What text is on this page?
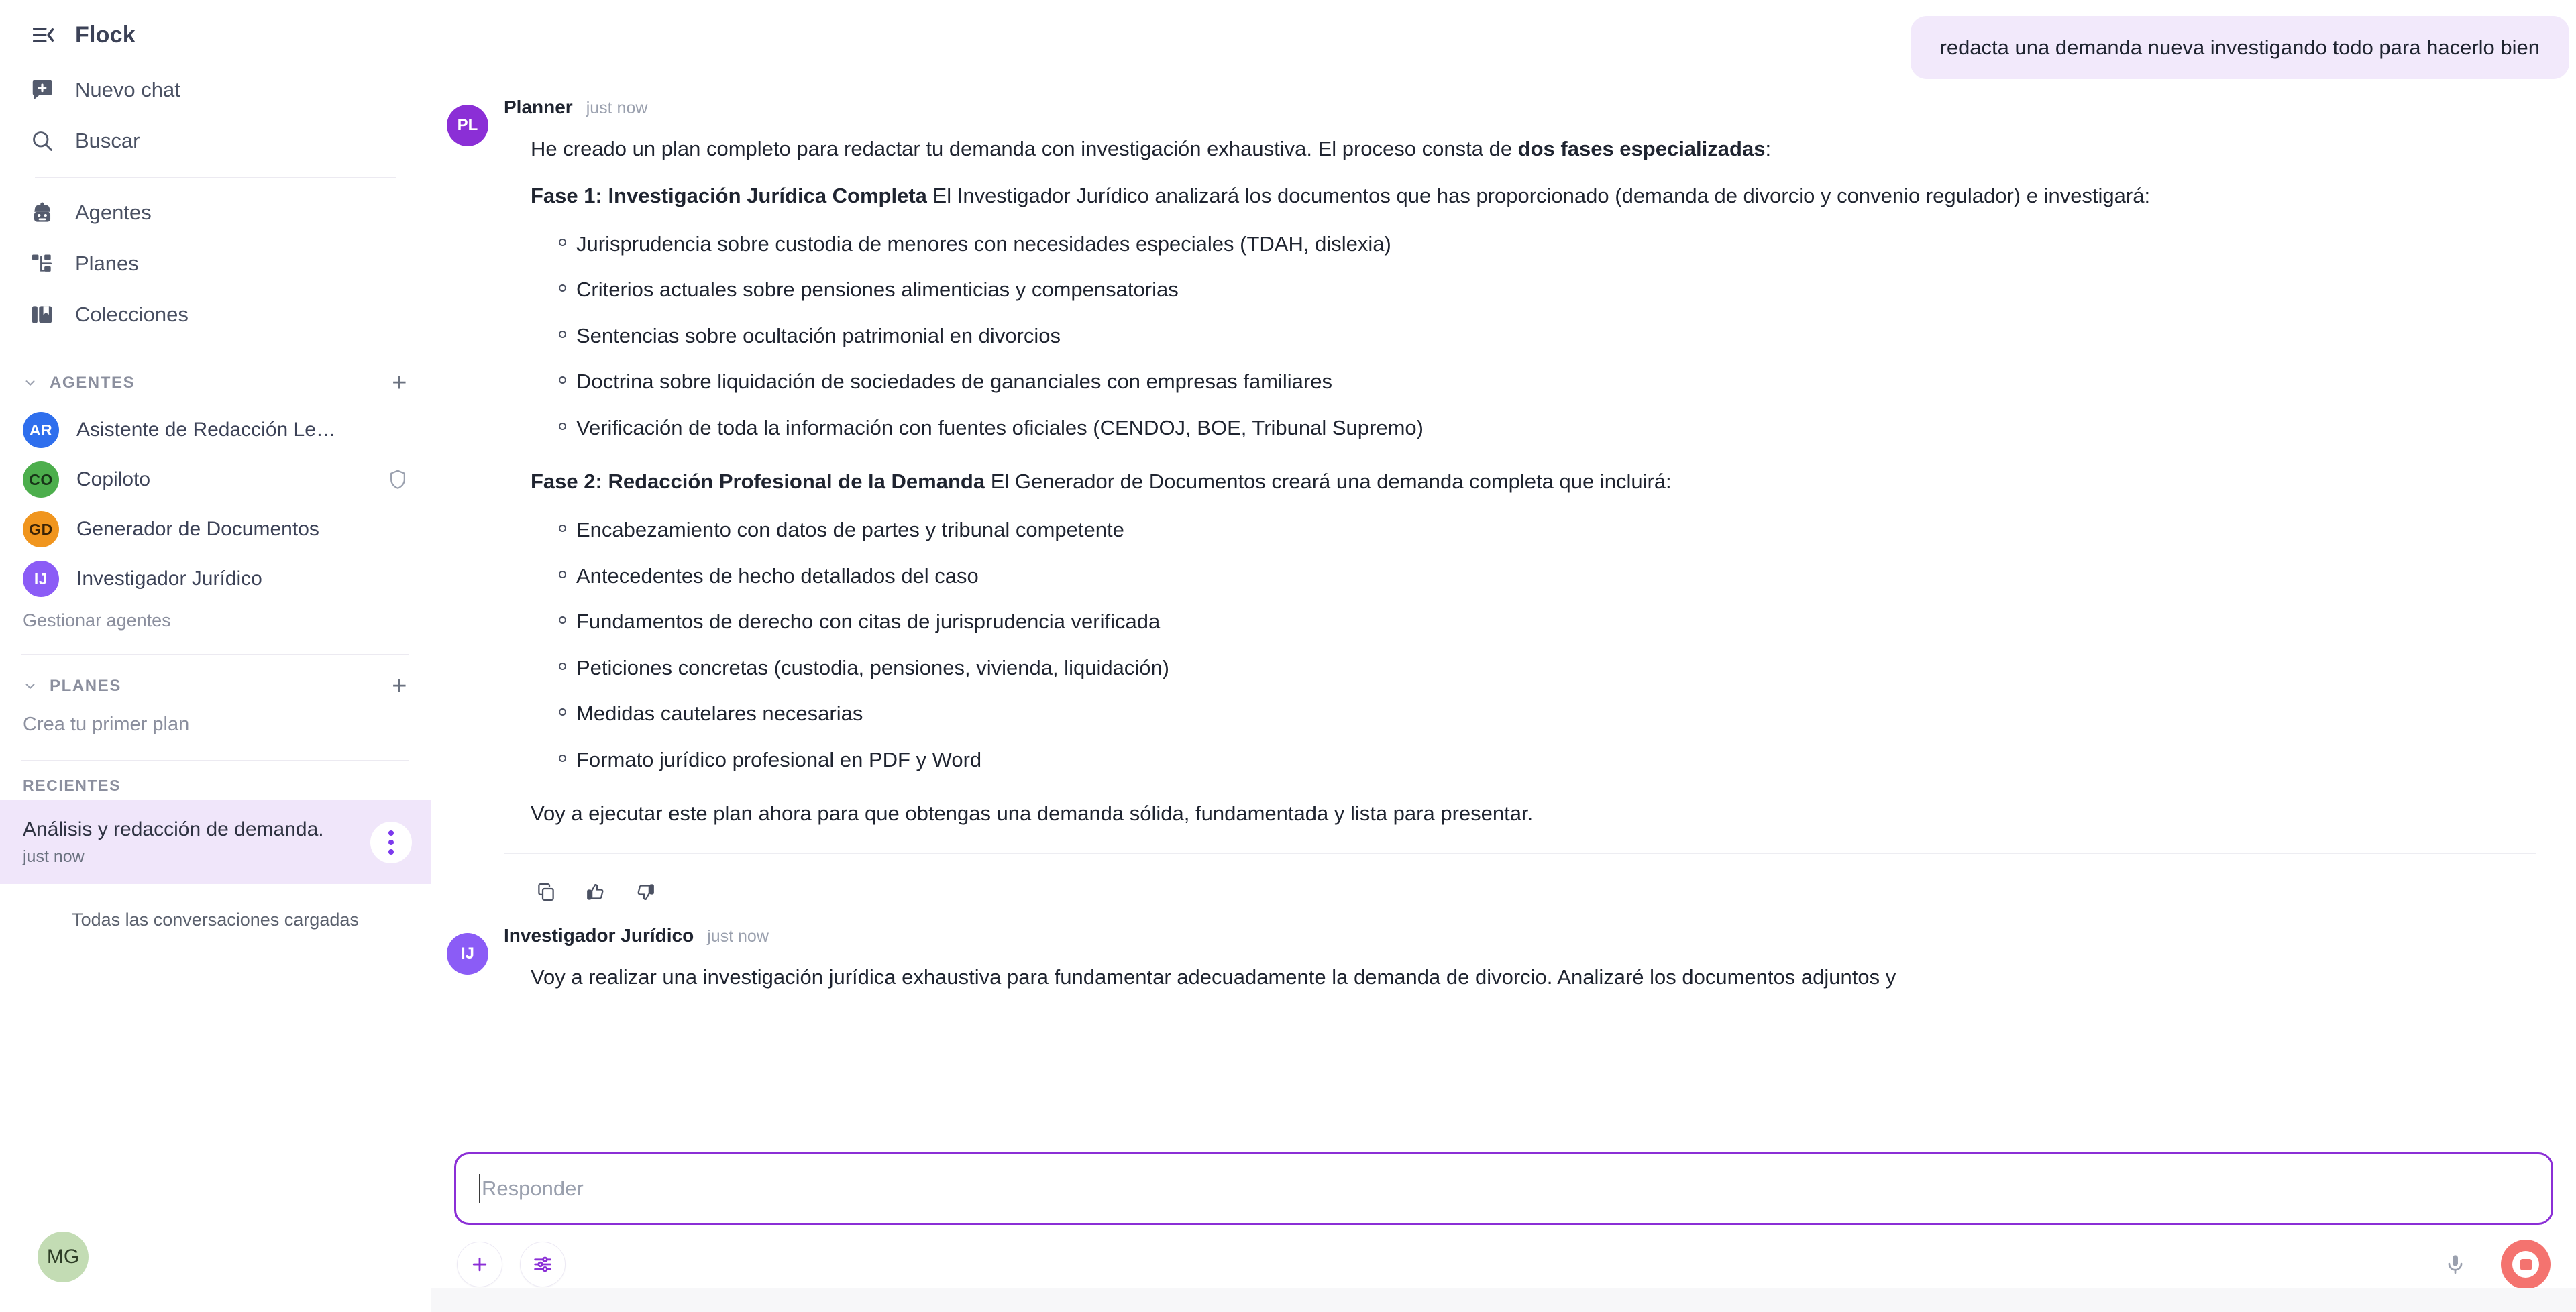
Flock
Nuevo chat
Buscar
Agentes
Planes
Colecciones
AGENTES	+
AR	Asistente de Redacción Le…
CO	Copiloto
GD	Generador de Documentos
IJ	Investigador Jurídico
Gestionar agentes
PLANES	+
Crea tu primer plan
RECIENTES
Análisis y redacción de demanda.
just now
Todas las conversaciones cargadas
MG
redacta una demanda nueva investigando todo para hacerlo bien
PL
Planner just now

He creado un plan completo para redactar tu demanda con investigación exhaustiva. El proceso consta de dos fases especializadas:

Fase 1: Investigación Jurídica Completa El Investigador Jurídico analizará los documentos que has proporcionado (demanda de divorcio y convenio regulador) e investigará:

Jurisprudencia sobre custodia de menores con necesidades especiales (TDAH, dislexia)
Criterios actuales sobre pensiones alimenticias y compensatorias
Sentencias sobre ocultación patrimonial en divorcios
Doctrina sobre liquidación de sociedades de gananciales con empresas familiares
Verificación de toda la información con fuentes oficiales (CENDOJ, BOE, Tribunal Supremo)

Fase 2: Redacción Profesional de la Demanda El Generador de Documentos creará una demanda completa que incluirá:

Encabezamiento con datos de partes y tribunal competente
Antecedentes de hecho detallados del caso
Fundamentos de derecho con citas de jurisprudencia verificada
Peticiones concretas (custodia, pensiones, vivienda, liquidación)
Medidas cautelares necesarias
Formato jurídico profesional en PDF y Word

Voy a ejecutar este plan ahora para que obtengas una demanda sólida, fundamentada y lista para presentar.

IJ
Investigador Jurídico just now

Voy a realizar una investigación jurídica exhaustiva para fundamentar adecuadamente la demanda de divorcio. Analizaré los documentos adjuntos y

Responder
